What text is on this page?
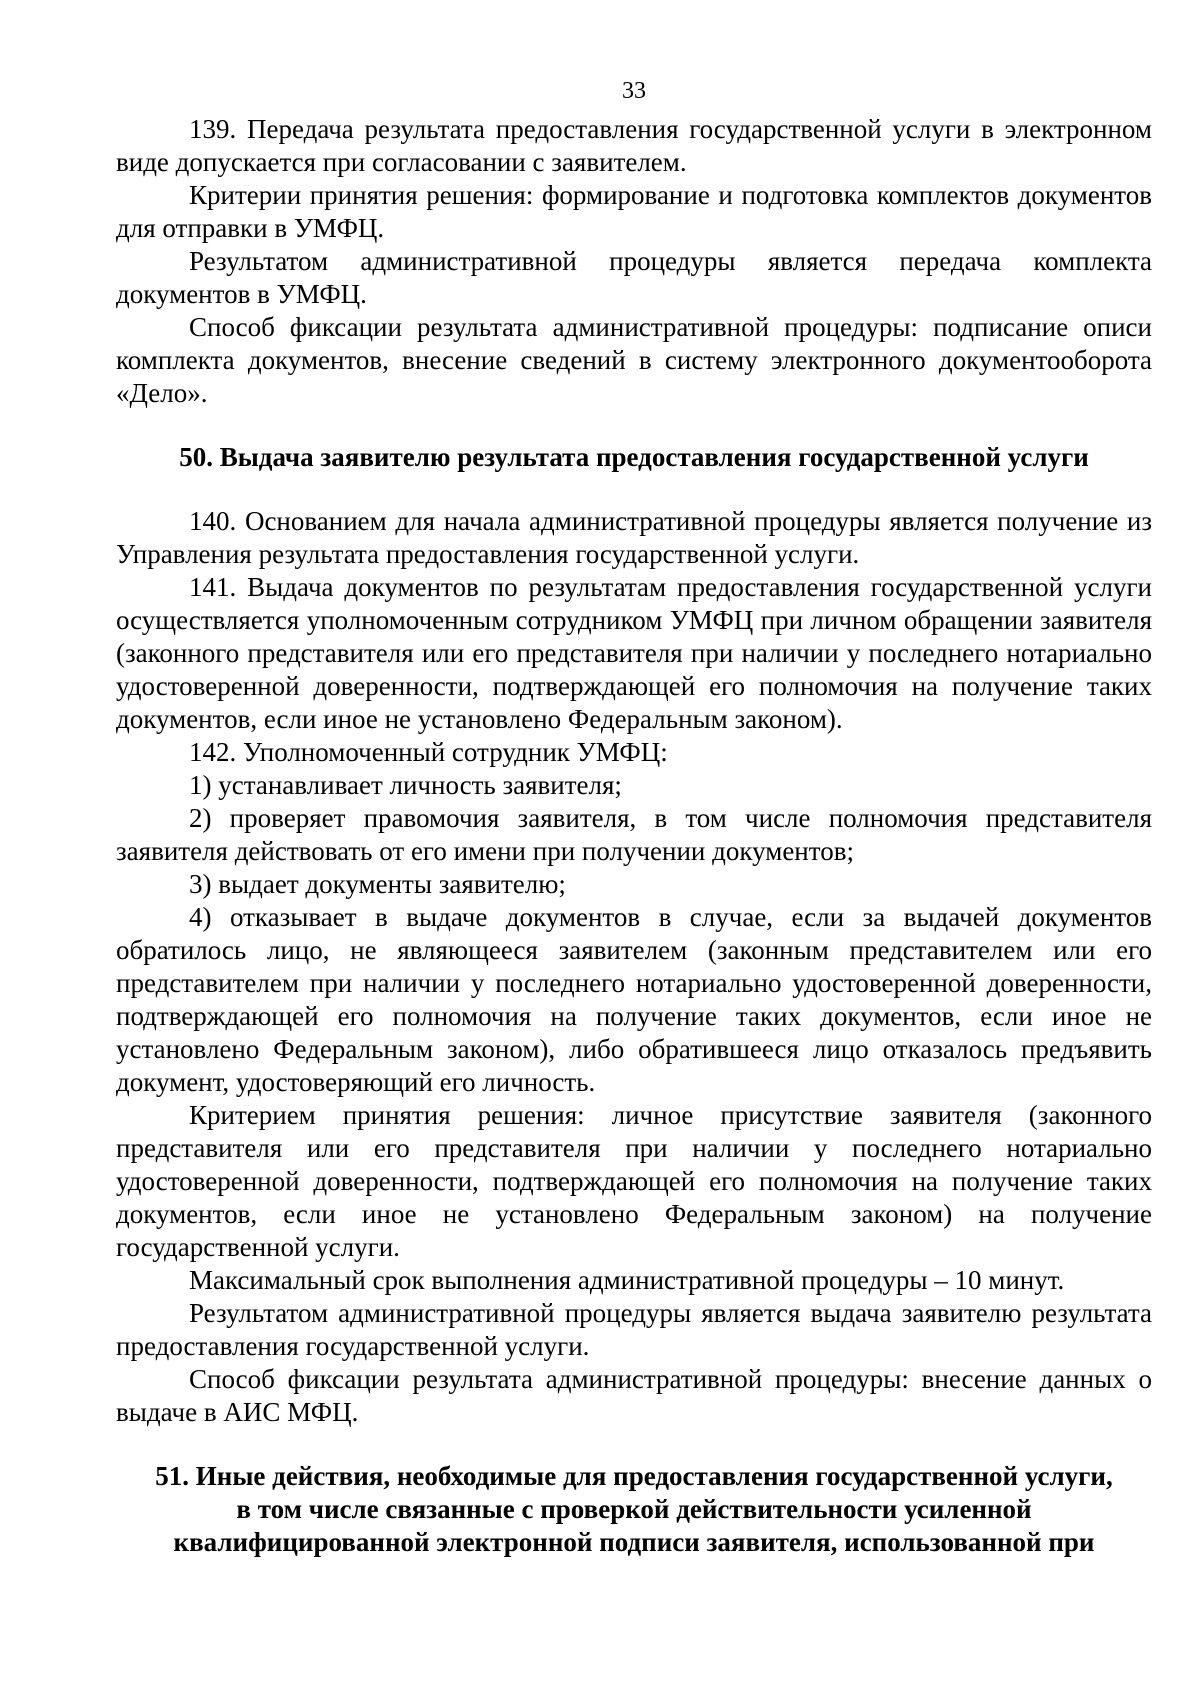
33

139. Передача результата предоставления государственной услуги в электронном виде допускается при согласовании с заявителем.

Критерии принятия решения: формирование и подготовка комплектов документов для отправки в УМФЦ.

Результатом административной процедуры является передача комплекта документов в УМФЦ.

Способ фиксации результата административной процедуры: подписание описи комплекта документов, внесение сведений в систему электронного документооборота «Дело».

50. Выдача заявителю результата предоставления государственной услуги

140. Основанием для начала административной процедуры является получение из Управления результата предоставления государственной услуги.

141. Выдача документов по результатам предоставления государственной услуги осуществляется уполномоченным сотрудником УМФЦ при личном обращении заявителя (законного представителя или его представителя при наличии у последнего нотариально удостоверенной доверенности, подтверждающей его полномочия на получение таких документов, если иное не установлено Федеральным законом).

142. Уполномоченный сотрудник УМФЦ:

1) устанавливает личность заявителя;

2) проверяет правомочия заявителя, в том числе полномочия представителя заявителя действовать от его имени при получении документов;

3) выдает документы заявителю;

4) отказывает в выдаче документов в случае, если за выдачей документов обратилось лицо, не являющееся заявителем (законным представителем или его представителем при наличии у последнего нотариально удостоверенной доверенности, подтверждающей его полномочия на получение таких документов, если иное не установлено Федеральным законом), либо обратившееся лицо отказалось предъявить документ, удостоверяющий его личность.

Критерием принятия решения: личное присутствие заявителя (законного представителя или его представителя при наличии у последнего нотариально удостоверенной доверенности, подтверждающей его полномочия на получение таких документов, если иное не установлено Федеральным законом) на получение государственной услуги.

Максимальный срок выполнения административной процедуры – 10 минут.

Результатом административной процедуры является выдача заявителю результата предоставления государственной услуги.

Способ фиксации результата административной процедуры: внесение данных о выдаче в АИС МФЦ.

51. Иные действия, необходимые для предоставления государственной услуги,
в том числе связанные с проверкой действительности усиленной
квалифицированной электронной подписи заявителя, использованной при
